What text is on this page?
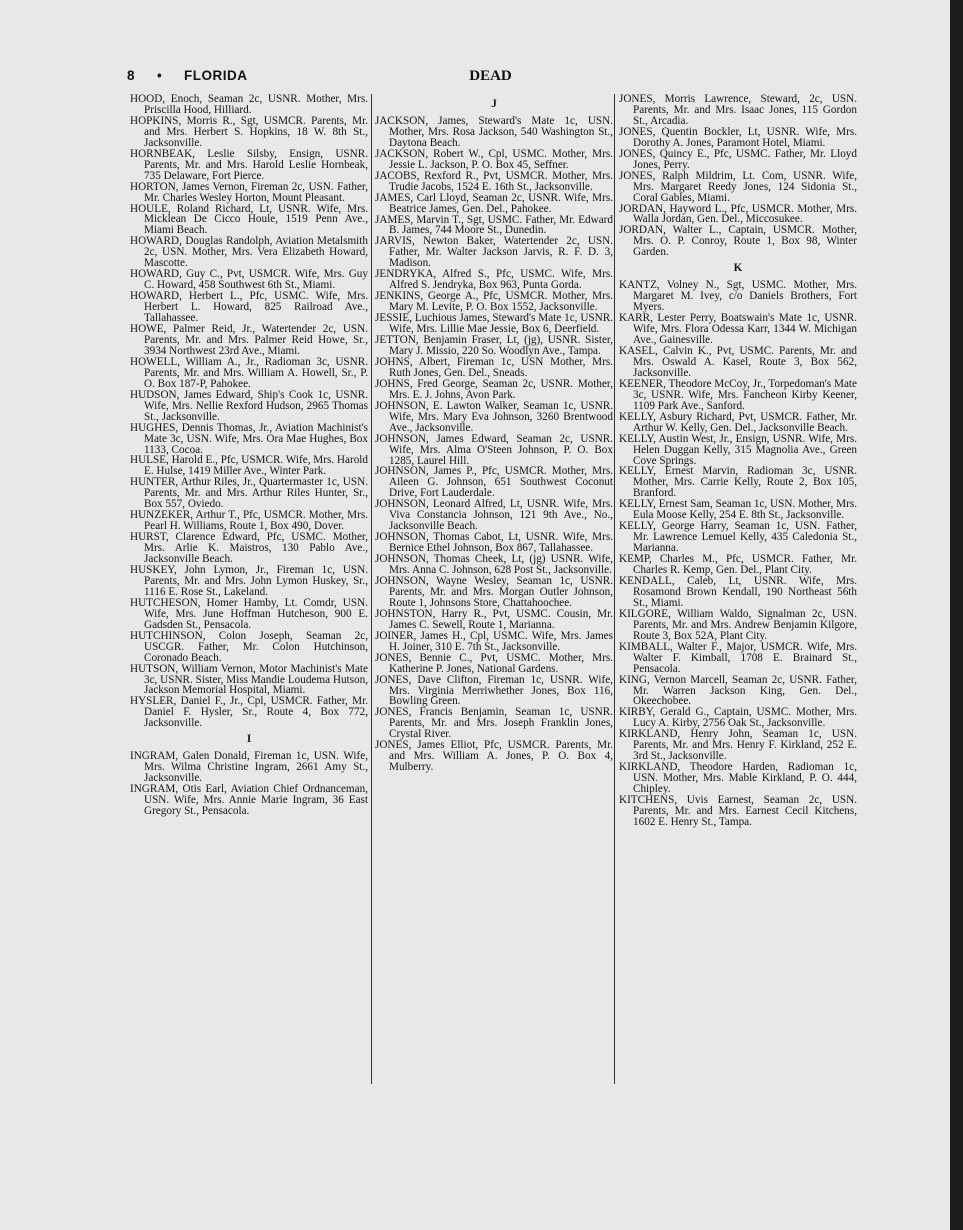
DEAD
8 • FLORIDA

HOOD, Enoch, Seaman 2c, USNR. Mother, Mrs. Priscilla Hood, Hilliard.

HOPKINS, Morris R., Sgt, USMCR. Parents, Mr. and Mrs. Herbert S. Hopkins, 18 W. 8th St., Jacksonville.

HORNBEAK, Leslie Silsby, Ensign, USNR. Parents, Mr. and Mrs. Harold Leslie Hornbeak, 735 Delaware, Fort Pierce.

HORTON, James Vernon, Fireman 2c, USN. Father, Mr. Charles Wesley Horton, Mount Pleasant.

HOULE, Roland Richard, Lt, USNR. Wife, Mrs. Micklean De Cicco Houle, 1519 Penn Ave., Miami Beach.

HOWARD, Douglas Randolph, Aviation Metalsmith 2c, USN. Mother, Mrs. Vera Elizabeth Howard, Mascotte.

HOWARD, Guy C., Pvt, USMCR. Wife, Mrs. Guy C. Howard, 458 Southwest 6th St., Miami.

HOWARD, Herbert L., Pfc, USMC. Wife, Mrs. Herbert L. Howard, 825 Railroad Ave., Tallahassee.

HOWE, Palmer Reid, Jr., Watertender 2c, USN. Parents, Mr. and Mrs. Palmer Reid Howe, Sr., 3934 Northwest 23rd Ave., Miami.

HOWELL, William A., Jr., Radioman 3c, USNR. Parents, Mr. and Mrs. William A. Howell, Sr., P. O. Box 187-P, Pahokee.

HUDSON, James Edward, Ship's Cook 1c, USNR. Wife, Mrs. Nellie Rexford Hudson, 2965 Thomas St., Jacksonville.

HUGHES, Dennis Thomas, Jr., Aviation Machinist's Mate 3c, USN. Wife, Mrs. Ora Mae Hughes, Box 1133, Cocoa.

HULSE, Harold E., Pfc, USMCR. Wife, Mrs. Harold E. Hulse, 1419 Miller Ave., Winter Park.

HUNTER, Arthur Riles, Jr., Quartermaster 1c, USN. Parents, Mr. and Mrs. Arthur Riles Hunter, Sr., Box 557, Oviedo.

HUNZEKER, Arthur T., Pfc, USMCR. Mother, Mrs. Pearl H. Williams, Route 1, Box 490, Dover.

HURST, Clarence Edward, Pfc, USMC. Mother, Mrs. Arlie K. Maistros, 130 Pablo Ave., Jacksonville Beach.

HUSKEY, John Lymon, Jr., Fireman 1c, USN. Parents, Mr. and Mrs. John Lymon Huskey, Sr., 1116 E. Rose St., Lakeland.

HUTCHESON, Homer Hamby, Lt. Comdr, USN. Wife, Mrs. June Hoffman Hutcheson, 900 E. Gadsden St., Pensacola.

HUTCHINSON, Colon Joseph, Seaman 2c, USCGR. Father, Mr. Colon Hutchinson, Coronado Beach.

HUTSON, William Vernon, Motor Machinist's Mate 3c, USNR. Sister, Miss Mandie Loudema Hutson, Jackson Memorial Hospital, Miami.

HYSLER, Daniel F., Jr., Cpl, USMCR. Father, Mr. Daniel F. Hysler, Sr., Route 4, Box 772, Jacksonville.

I

INGRAM, Galen Donald, Fireman 1c, USN. Wife, Mrs. Wilma Christine Ingram, 2661 Amy St., Jacksonville.

INGRAM, Otis Earl, Aviation Chief Ordnanceman, USN. Wife, Mrs. Annie Marie Ingram, 36 East Gregory St., Pensacola.

J

JACKSON, James, Steward's Mate 1c, USN. Mother, Mrs. Rosa Jackson, 540 Washington St., Daytona Beach.

JACKSON, Robert W., Cpl, USMC. Mother, Mrs. Jessie L. Jackson, P. O. Box 45, Seffner.

JACOBS, Rexford R., Pvt, USMCR. Mother, Mrs. Trudie Jacobs, 1524 E. 16th St., Jacksonville.

JAMES, Carl Lloyd, Seaman 2c, USNR. Wife, Mrs. Beatrice James, Gen. Del., Pahokee.

JAMES, Marvin T., Sgt, USMC. Father, Mr. Edward B. James, 744 Moore St., Dunedin.

JARVIS, Newton Baker, Watertender 2c, USN. Father, Mr. Walter Jackson Jarvis, R. F. D. 3, Madison.

JENDRYKA, Alfred S., Pfc, USMC. Wife, Mrs. Alfred S. Jendryka, Box 963, Punta Gorda.

JENKINS, George A., Pfc, USMCR. Mother, Mrs. Mary M. Levite, P. O. Box 1552, Jacksonville.

JESSIE, Luchious James, Steward's Mate 1c, USNR. Wife, Mrs. Lillie Mae Jessie, Box 6, Deerfield.

JETTON, Benjamin Fraser, Lt, (jg), USNR. Sister, Mary J. Missio, 220 So. Woodlyn Ave., Tampa.

JOHNS, Albert, Fireman 1c, USN Mother, Mrs. Ruth Jones, Gen. Del., Sneads.

JOHNS, Fred George, Seaman 2c, USNR. Mother, Mrs. E. J. Johns, Avon Park.

JOHNSON, E. Lawton Walker, Seaman 1c, USNR. Wife, Mrs. Mary Eva Johnson, 3260 Brentwood Ave., Jacksonville.

JOHNSON, James Edward, Seaman 2c, USNR. Wife, Mrs. Alma O'Steen Johnson, P. O. Box 1285, Laurel Hill.

JOHNSON, James P., Pfc, USMCR. Mother, Mrs. Aileen G. Johnson, 651 Southwest Coconut Drive, Fort Lauderdale.

JOHNSON, Leonard Alfred, Lt, USNR. Wife, Mrs. Viva Constancia Johnson, 121 9th Ave., No., Jacksonville Beach.

JOHNSON, Thomas Cabot, Lt, USNR. Wife, Mrs. Bernice Ethel Johnson, Box 867, Tallahassee.

JOHNSON, Thomas Cheek, Lt, (jg) USNR. Wife, Mrs. Anna C. Johnson, 628 Post St., Jacksonville.

JOHNSON, Wayne Wesley, Seaman 1c, USNR. Parents, Mr. and Mrs. Morgan Outler Johnson, Route 1, Johnsons Store, Chattahoochee.

JOHNSTON, Harry R., Pvt, USMC. Cousin, Mr. James C. Sewell, Route 1, Marianna.

JOINER, James H., Cpl, USMC. Wife, Mrs. James H. Joiner, 310 E. 7th St., Jacksonville.

JONES, Bennie C., Pvt, USMC. Mother, Mrs. Katherine P. Jones, National Gardens.

JONES, Dave Clifton, Fireman 1c, USNR. Wife, Mrs. Virginia Merriwhether Jones, Box 116, Bowling Green.

JONES, Francis Benjamin, Seaman 1c, USNR. Parents, Mr. and Mrs. Joseph Franklin Jones, Crystal River.

JONES, James Elliot, Pfc, USMCR. Parents, Mr. and Mrs. William A. Jones, P. O. Box 4, Mulberry.

JONES, Morris Lawrence, Steward, 2c, USN. Parents, Mr. and Mrs. Isaac Jones, 115 Gordon St., Arcadia.

JONES, Quentin Bockler, Lt, USNR. Wife, Mrs. Dorothy A. Jones, Paramont Hotel, Miami.

JONES, Quincy E., Pfc, USMC. Father, Mr. Lloyd Jones, Perry.

JONES, Ralph Mildrim, Lt. Com, USNR. Wife, Mrs. Margaret Reedy Jones, 124 Sidonia St., Coral Gables, Miami.

JORDAN, Hayword L., Pfc, USMCR. Mother, Mrs. Walla Jordan, Gen. Del., Miccosukee.

JORDAN, Walter L., Captain, USMCR. Mother, Mrs. O. P. Conroy, Route 1, Box 98, Winter Garden.

K

KANTZ, Volney N., Sgt, USMC. Mother, Mrs. Margaret M. Ivey, c/o Daniels Brothers, Fort Myers.

KARR, Lester Perry, Boatswain's Mate 1c, USNR. Wife, Mrs. Flora Odessa Karr, 1344 W. Michigan Ave., Gainesville.

KASEL, Calvin K., Pvt, USMC. Parents, Mr. and Mrs. Oswald A. Kasel, Route 3, Box 562, Jacksonville.

KEENER, Theodore McCoy, Jr., Torpedoman's Mate 3c, USNR. Wife, Mrs. Fancheon Kirby Keener, 1109 Park Ave., Sanford.

KELLY, Asbury Richard, Pvt, USMCR. Father, Mr. Arthur W. Kelly, Gen. Del., Jacksonville Beach.

KELLY, Austin West, Jr., Ensign, USNR. Wife, Mrs. Helen Duggan Kelly, 315 Magnolia Ave., Green Cove Springs.

KELLY, Ernest Marvin, Radioman 3c, USNR. Mother, Mrs. Carrie Kelly, Route 2, Box 105, Branford.

KELLY, Ernest Sam, Seaman 1c, USN. Mother, Mrs. Eula Moose Kelly, 254 E. 8th St., Jacksonville.

KELLY, George Harry, Seaman 1c, USN. Father, Mr. Lawrence Lemuel Kelly, 435 Caledonia St., Marianna.

KEMP, Charles M., Pfc, USMCR. Father, Mr. Charles R. Kemp, Gen. Del., Plant City.

KENDALL, Caleb, Lt, USNR. Wife, Mrs. Rosamond Brown Kendall, 190 Northeast 56th St., Miami.

KILGORE, William Waldo, Signalman 2c, USN. Parents, Mr. and Mrs. Andrew Benjamin Kilgore, Route 3, Box 52A, Plant City.

KIMBALL, Walter F., Major, USMCR. Wife, Mrs. Walter F. Kimball, 1708 E. Brainard St., Pensacola.

KING, Vernon Marcell, Seaman 2c, USNR. Father, Mr. Warren Jackson King, Gen. Del., Okeechobee.

KIRBY, Gerald G., Captain, USMC. Mother, Mrs. Lucy A. Kirby, 2756 Oak St., Jacksonville.

KIRKLAND, Henry John, Seaman 1c, USN. Parents, Mr. and Mrs. Henry F. Kirkland, 252 E. 3rd St., Jacksonville.

KIRKLAND, Theodore Harden, Radioman 1c, USN. Mother, Mrs. Mable Kirkland, P. O. 444, Chipley.

KITCHENS, Uvis Earnest, Seaman 2c, USN. Parents, Mr. and Mrs. Earnest Cecil Kitchens, 1602 E. Henry St., Tampa.
